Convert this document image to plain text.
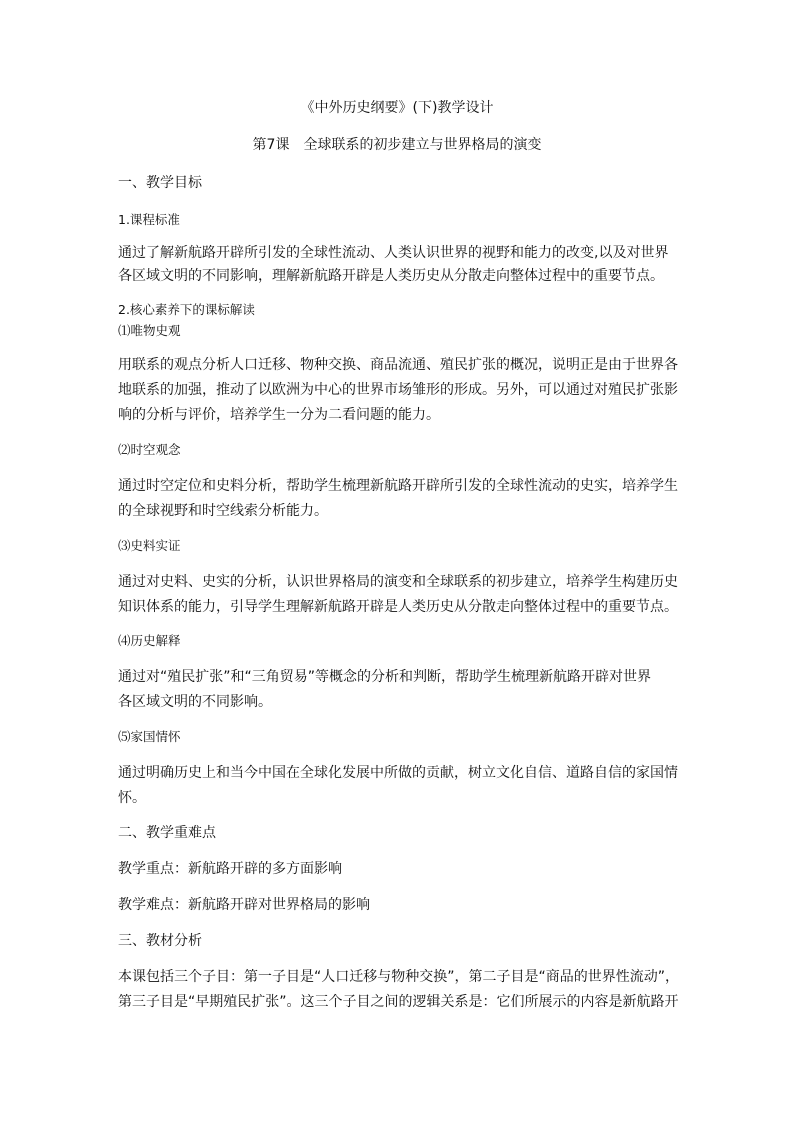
《中外历史纲要》(下)教学设计
第7课　全球联系的初步建立与世界格局的演变
一、教学目标
1.课程标准
通过了解新航路开辟所引发的全球性流动、人类认识世界的视野和能力的改变,以及对世界
各区域文明的不同影响，理解新航路开辟是人类历史从分散走向整体过程中的重要节点。
2.核心素养下的课标解读
⑴唯物史观
用联系的观点分析人口迁移、物种交换、商品流通、殖民扩张的概况，说明正是由于世界各
地联系的加强，推动了以欧洲为中心的世界市场雏形的形成。另外，可以通过对殖民扩张影
响的分析与评价，培养学生一分为二看问题的能力。
⑵时空观念
通过时空定位和史料分析，帮助学生梳理新航路开辟所引发的全球性流动的史实，培养学生
的全球视野和时空线索分析能力。
⑶史料实证
通过对史料、史实的分析，认识世界格局的演变和全球联系的初步建立，培养学生构建历史
知识体系的能力，引导学生理解新航路开辟是人类历史从分散走向整体过程中的重要节点。
⑷历史解释
通过对“殖民扩张”和“三角贸易”等概念的分析和判断，帮助学生梳理新航路开辟对世界
各区域文明的不同影响。
⑸家国情怀
通过明确历史上和当今中国在全球化发展中所做的贡献，树立文化自信、道路自信的家国情
怀。
二、教学重难点
教学重点：新航路开辟的多方面影响
教学难点：新航路开辟对世界格局的影响
三、教材分析
本课包括三个子目：第一子目是“人口迁移与物种交换”，第二子目是“商品的世界性流动”，
第三子目是“早期殖民扩张”。这三个子目之间的逻辑关系是：它们所展示的内容是新航路开
